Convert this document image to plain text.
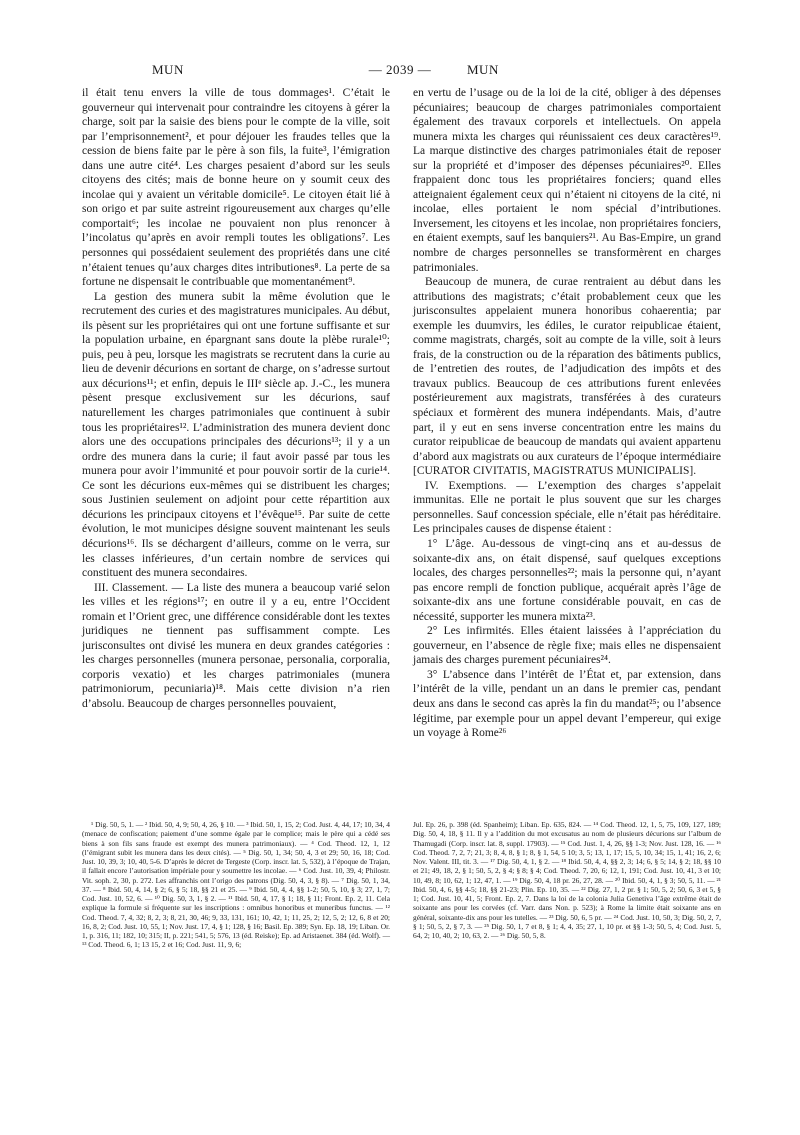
MUN	— 2039 —	MUN

il était tenu envers la ville de tous dommages¹. C’était le gouverneur qui intervenait pour contraindre les citoyens à gérer la charge, soit par la saisie des biens pour le compte de la ville, soit par l’emprisonnement², et pour déjouer les fraudes telles que la cession de biens faite par le père à son fils, la fuite³, l’émigration dans une autre cité⁴. Les charges pesaient d’abord sur les seuls citoyens des cités; mais de bonne heure on y soumit ceux des incolae qui y avaient un véritable domicile⁵. Le citoyen était lié à son origo et par suite astreint rigoureusement aux charges qu’elle comportait⁶; les incolae ne pouvaient non plus renoncer à l’incolatus qu’après en avoir rempli toutes les obligations⁷. Les personnes qui possédaient seulement des propriétés dans une cité n’étaient tenues qu’aux charges dites intributiones⁸. La perte de sa fortune ne dispensait le contribuable que momentanément⁹.

La gestion des munera subit la même évolution que le recrutement des curies et des magistratures municipales. Au début, ils pèsent sur les propriétaires qui ont une fortune suffisante et sur la population urbaine, en épargnant sans doute la plèbe rurale¹⁰; puis, peu à peu, lorsque les magistrats se recrutent dans la curie au lieu de devenir décurions en sortant de charge, on s’adresse surtout aux décurions¹¹; et enfin, depuis le IIIᵉ siècle ap. J.-C., les munera pèsent presque exclusivement sur les décurions, sauf naturellement les charges patrimoniales que continuent à subir tous les propriétaires¹². L’administration des munera devient donc alors une des occupations principales des décurions¹³; il y a un ordre des munera dans la curie; il faut avoir passé par tous les munera pour avoir l’immunité et pour pouvoir sortir de la curie¹⁴. Ce sont les décurions eux-mêmes qui se distribuent les charges; sous Justinien seulement on adjoint pour cette répartition aux décurions les principaux citoyens et l’évêque¹⁵. Par suite de cette évolution, le mot municipes désigne souvent maintenant les seuls décurions¹⁶. Ils se déchargent d’ailleurs, comme on le verra, sur les classes inférieures, d’un certain nombre de services qui constituent des munera secondaires.

III. Classement. — La liste des munera a beaucoup varié selon les villes et les régions¹⁷; en outre il y a eu, entre l’Occident romain et l’Orient grec, une différence considérable dont les textes juridiques ne tiennent pas suffisamment compte. Les jurisconsultes ont divisé les munera en deux grandes catégories : les charges personnelles (munera personae, personalia, corporalia, corporis vexatio) et les charges patrimoniales (munera patrimoniorum, pecuniaria)¹⁸. Mais cette division n’a rien d’absolu. Beaucoup de charges personnelles pouvaient,

en vertu de l’usage ou de la loi de la cité, obliger à des dépenses pécuniaires; beaucoup de charges patrimoniales comportaient également des travaux corporels et intellectuels. On appela munera mixta les charges qui réunissaient ces deux caractères¹⁹. La marque distinctive des charges patrimoniales était de reposer sur la propriété et d’imposer des dépenses pécuniaires²⁰. Elles frappaient donc tous les propriétaires fonciers; quand elles atteignaient également ceux qui n’étaient ni citoyens de la cité, ni incolae, elles portaient le nom spécial d’intributiones. Inversement, les citoyens et les incolae, non propriétaires fonciers, en étaient exempts, sauf les banquiers²¹. Au Bas-Empire, un grand nombre de charges personnelles se transformèrent en charges patrimoniales.

Beaucoup de munera, de curae rentraient au début dans les attributions des magistrats; c’était probablement ceux que les jurisconsultes appelaient munera honoribus cohaerentia; par exemple les duumvirs, les édiles, le curator reipublicae étaient, comme magistrats, chargés, soit au compte de la ville, soit à leurs frais, de la construction ou de la réparation des bâtiments publics, de l’entretien des routes, de l’adjudication des impôts et des travaux publics. Beaucoup de ces attributions furent enlevées postérieurement aux magistrats, transférées à des curateurs spéciaux et formèrent des munera indépendants. Mais, d’autre part, il y eut en sens inverse concentration entre les mains du curator reipublicae de beaucoup de mandats qui avaient appartenu d’abord aux magistrats ou aux curateurs de l’époque intermédiaire [CURATOR CIVITATIS, MAGISTRATUS MUNICIPALIS].

IV. Exemptions. — L’exemption des charges s’appelait immunitas. Elle ne portait le plus souvent que sur les charges personnelles. Sauf concession spéciale, elle n’était pas héréditaire. Les principales causes de dispense étaient :

1° L’âge. Au-dessous de vingt-cinq ans et au-dessus de soixante-dix ans, on était dispensé, sauf quelques exceptions locales, des charges personnelles²²; mais la personne qui, n’ayant pas encore rempli de fonction publique, acquérait après l’âge de soixante-dix ans une fortune considérable pouvait, en cas de nécessité, supporter les munera mixta²³.

2° Les infirmités. Elles étaient laissées à l’appréciation du gouverneur, en l’absence de règle fixe; mais elles ne dispensaient jamais des charges purement pécuniaires²⁴.

3° L’absence dans l’intérêt de l’État et, par extension, dans l’intérêt de la ville, pendant un an dans le premier cas, pendant deux ans dans le second cas après la fin du mandat²⁵; ou l’absence légitime, par exemple pour un appel devant l’empereur, qui exige un voyage à Rome²⁶

¹ Dig. 50, 5, 1. — ² Ibid. 50, 4, 9; 50, 4, 26, § 10. — ³ Ibid. 50, 1, 15, 2; Cod. Just. 4, 44, 17; 10, 34, 4 (menace de confiscation; paiement d’une somme égale par le complice; mais le père qui a cédé ses biens à son fils sans fraude est exempt des munera patrimoniaux). — ⁴ Cod. Theod. 12, 1, 12 (l’émigrant subit les munera dans les deux cités). — ⁵ Dig. 50, 1, 34; 50, 4, 3 et 29; 50, 16, 18; Cod. Just. 10, 39, 3; 10, 40, 5-6. D’après le décret de Tergeste (Corp. inscr. lat. 5, 532), à l’époque de Trajan, il fallait encore l’autorisation impériale pour y soumettre les incolae. — ⁶ Cod. Just. 10, 39, 4; Philostr. Vit. soph. 2, 30, p. 272. Les affranchis ont l’origo des patrons (Dig. 50, 4, 3, § 8). — ⁷ Dig. 50, 1, 34, 37. — ⁸ Ibid. 50, 4, 14, § 2; 6, § 5; 18, §§ 21 et 25. — ⁹ Ibid. 50, 4, 4, §§ 1-2; 50, 5, 10, § 3; 27, 1, 7; Cod. Just. 10, 52, 6. — ¹⁰ Dig. 50, 3, 1, § 2. — ¹¹ Ibid. 50, 4, 17, § 1; 18, § 11; Front. Ep. 2, 11. Cela explique la formule si fréquente sur les inscriptions : omnibus honoribus et muneribus functus. — ¹² Cod. Theod. 7, 4, 32; 8, 2, 3; 8, 21, 30, 46; 9, 33, 131, 161; 10, 42, 1; 11, 25, 2; 12, 5, 2; 12, 6, 8 et 20; 16, 8, 2; Cod. Just. 10, 55, 1; Nov. Just. 17, 4, § 1; 128, § 16; Basil. Ep. 389; Syn. Ep. 18, 19; Liban. Or. 1, p. 316, 11; 182, 10; 315; II, p. 221; 541, 5; 576, 13 (éd. Reiske); Ep. ad Aristaenet. 384 (éd. Wolf). — ¹³ Cod. Theod. 6, 1; 13 15, 2 et 16; Cod. Just. 11, 9, 6;

Jul. Ep. 26, p. 398 (éd. Spanheim); Liban. Ep. 635, 824. — ¹⁴ Cod. Theod. 12, 1, 5, 75, 109, 127, 189; Dig. 50, 4, 18, § 11. Il y a l’addition du mot excusatus au nom de plusieurs décurions sur l’album de Thamugadi (Corp. inscr. lat. 8, suppl. 17903). — ¹⁵ Cod. Just. 1, 4, 26, §§ 1-3; Nov. Just. 128, 16. — ¹⁶ Cod. Theod. 7, 2, 7; 21, 3; 8, 4, 8, § 1; 8, § 1, 54, 5 10; 3, 5; 13, 1, 17; 15, 5, 10, 34; 15, 1, 41; 16, 2, 6; Nov. Valent. III, tit. 3. — ¹⁷ Dig. 50, 4, 1, § 2. — ¹⁸ Ibid. 50, 4, 4, §§ 2, 3; 14; 6, § 5; 14, § 2; 18, §§ 10 et 21; 49, 18, 2, § 1; 50, 5, 2, § 4; § 8; § 4; Cod. Theod. 7, 20, 6; 12, 1, 191; Cod. Just. 10, 41, 3 et 10; 10, 49, 8; 10, 62, 1; 12, 47, 1. — ¹⁹ Dig. 50, 4, 18 pr. 26, 27, 28. — ²⁰ Ibid. 50, 4, 1, § 3; 50, 5, 11. — ²¹ Ibid. 50, 4, 6, §§ 4-5; 18, §§ 21-23; Plin. Ep. 10, 35. — ²² Dig. 27, 1, 2 pr. § 1; 50, 5, 2; 50, 6, 3 et 5, § 1; Cod. Just. 10, 41, 5; Front. Ep. 2, 7. Dans la loi de la colonia Julia Genetiva l’âge extrême était de soixante ans pour les corvées (cf. Varr. dans Non. p. 523); à Rome la limite était soixante ans en général, soixante-dix ans pour les tutelles. — ²³ Dig. 50, 6, 5 pr. — ²⁴ Cod. Just. 10, 50, 3; Dig. 50, 2, 7, § 1; 50, 5, 2, § 7, 3. — ²⁵ Dig. 50, 1, 7 et 8, § 1; 4, 4, 35; 27, 1, 10 pr. et §§ 1-3; 50, 5, 4; Cod. Just. 5, 64, 2; 10, 40, 2; 10, 63, 2. — ²⁶ Dig. 50, 5, 8.
